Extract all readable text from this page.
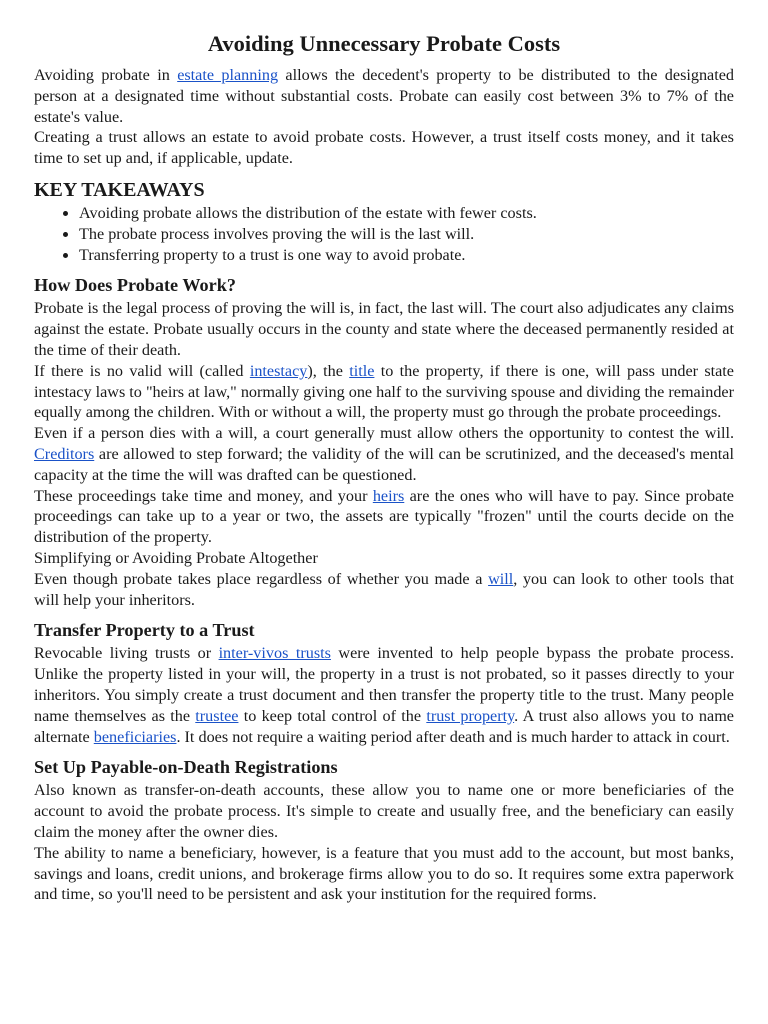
Avoiding Unnecessary Probate Costs

Avoiding probate in estate planning allows the decedent's property to be distributed to the designated person at a designated time without substantial costs. Probate can easily cost between 3% to 7% of the estate's value.

Creating a trust allows an estate to avoid probate costs. However, a trust itself costs money, and it takes time to set up and, if applicable, update.

KEY TAKEAWAYS
• Avoiding probate allows the distribution of the estate with fewer costs.
• The probate process involves proving the will is the last will.
• Transferring property to a trust is one way to avoid probate.
How Does Probate Work?

Probate is the legal process of proving the will is, in fact, the last will. The court also adjudicates any claims against the estate. Probate usually occurs in the county and state where the deceased permanently resided at the time of their death.

If there is no valid will (called intestacy), the title to the property, if there is one, will pass under state intestacy laws to "heirs at law," normally giving one half to the surviving spouse and dividing the remainder equally among the children. With or without a will, the property must go through the probate proceedings.

Even if a person dies with a will, a court generally must allow others the opportunity to contest the will. Creditors are allowed to step forward; the validity of the will can be scrutinized, and the deceased's mental capacity at the time the will was drafted can be questioned.

These proceedings take time and money, and your heirs are the ones who will have to pay. Since probate proceedings can take up to a year or two, the assets are typically "frozen" until the courts decide on the distribution of the property.

Simplifying or Avoiding Probate Altogether

Even though probate takes place regardless of whether you made a will, you can look to other tools that will help your inheritors.

Transfer Property to a Trust

Revocable living trusts or inter-vivos trusts were invented to help people bypass the probate process. Unlike the property listed in your will, the property in a trust is not probated, so it passes directly to your inheritors. You simply create a trust document and then transfer the property title to the trust. Many people name themselves as the trustee to keep total control of the trust property. A trust also allows you to name alternate beneficiaries. It does not require a waiting period after death and is much harder to attack in court.

Set Up Payable-on-Death Registrations

Also known as transfer-on-death accounts, these allow you to name one or more beneficiaries of the account to avoid the probate process. It's simple to create and usually free, and the beneficiary can easily claim the money after the owner dies.

The ability to name a beneficiary, however, is a feature that you must add to the account, but most banks, savings and loans, credit unions, and brokerage firms allow you to do so. It requires some extra paperwork and time, so you'll need to be persistent and ask your institution for the required forms.
